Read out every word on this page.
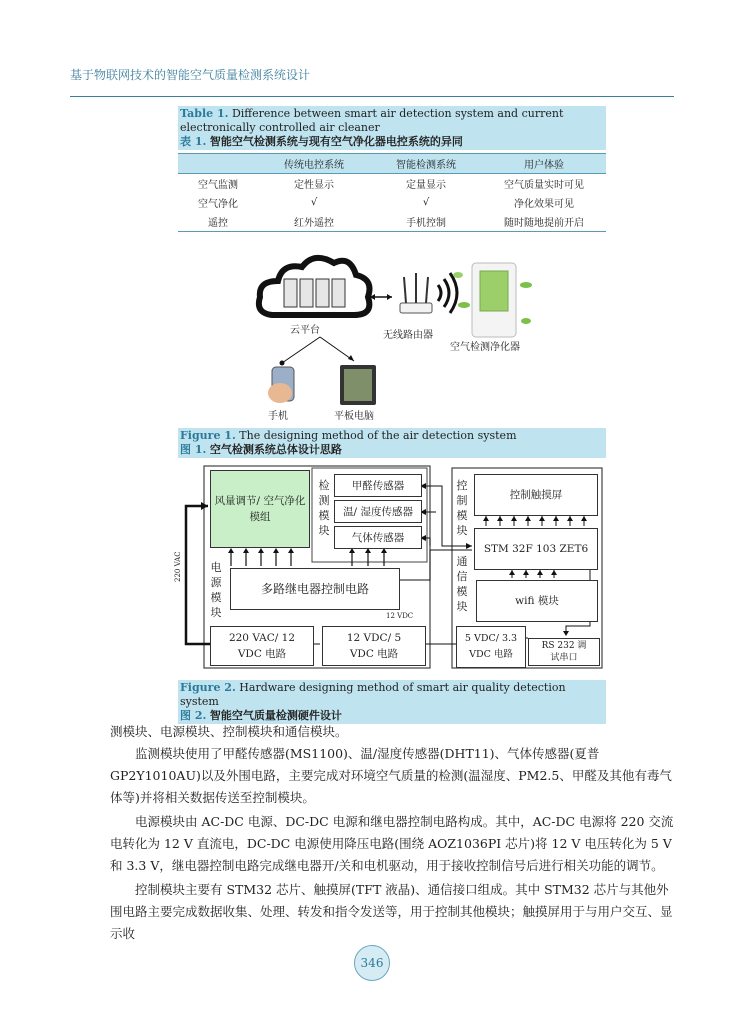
基于物联网技术的智能空气质量检测系统设计
Table 1. Difference between smart air detection system and current electronically controlled air cleaner
表 1. 智能空气检测系统与现有空气净化器电控系统的异同
	传统电控系统	智能检测系统	用户体验
空气监测	定性显示	定量显示	空气质量实时可见
空气净化	√	√	净化效果可见
遥控	红外遥控	手机控制	随时随地提前开启
云平台	无线路由器
空气检测净化器
手机	平板电脑
Figure 1. The designing method of the air detection system
图 1. 空气检测系统总体设计思路
风量调节/ 空气净化模组
检测模块
甲醛传感器
温/ 湿度传感器
气体传感器
控制模块
控制触摸屏
STM 32F 103 ZET6
通信模块	wifi 模块
电源模块
多路继电器控制电路
12 VDC
220 VAC
220 VAC/ 12 VDC 电路
12 VDC/ 5 VDC 电路
5 VDC/ 3.3 VDC 电路
RS 232 调试串口
Figure 2. Hardware designing method of smart air quality detection system
图 2. 智能空气质量检测硬件设计
测模块、电源模块、控制模块和通信模块。
监测模块使用了甲醛传感器(MS1100)、温/湿度传感器(DHT11)、气体传感器(夏普 GP2Y1010AU)以及外围电路，主要完成对环境空气质量的检测(温湿度、PM2.5、甲醛及其他有毒气体等)并将相关数据传送至控制模块。
电源模块由 AC-DC 电源、DC-DC 电源和继电器控制电路构成。其中，AC-DC 电源将 220 交流电转化为 12 V 直流电，DC-DC 电源使用降压电路(围绕 AOZ1036PI 芯片)将 12 V 电压转化为 5 V 和 3.3 V，继电器控制电路完成继电器开/关和电机驱动，用于接收控制信号后进行相关功能的调节。
控制模块主要有 STM32 芯片、触摸屏(TFT 液晶)、通信接口组成。其中 STM32 芯片与其他外围电路主要完成数据收集、处理、转发和指令发送等，用于控制其他模块；触摸屏用于与用户交互、显示收
346
